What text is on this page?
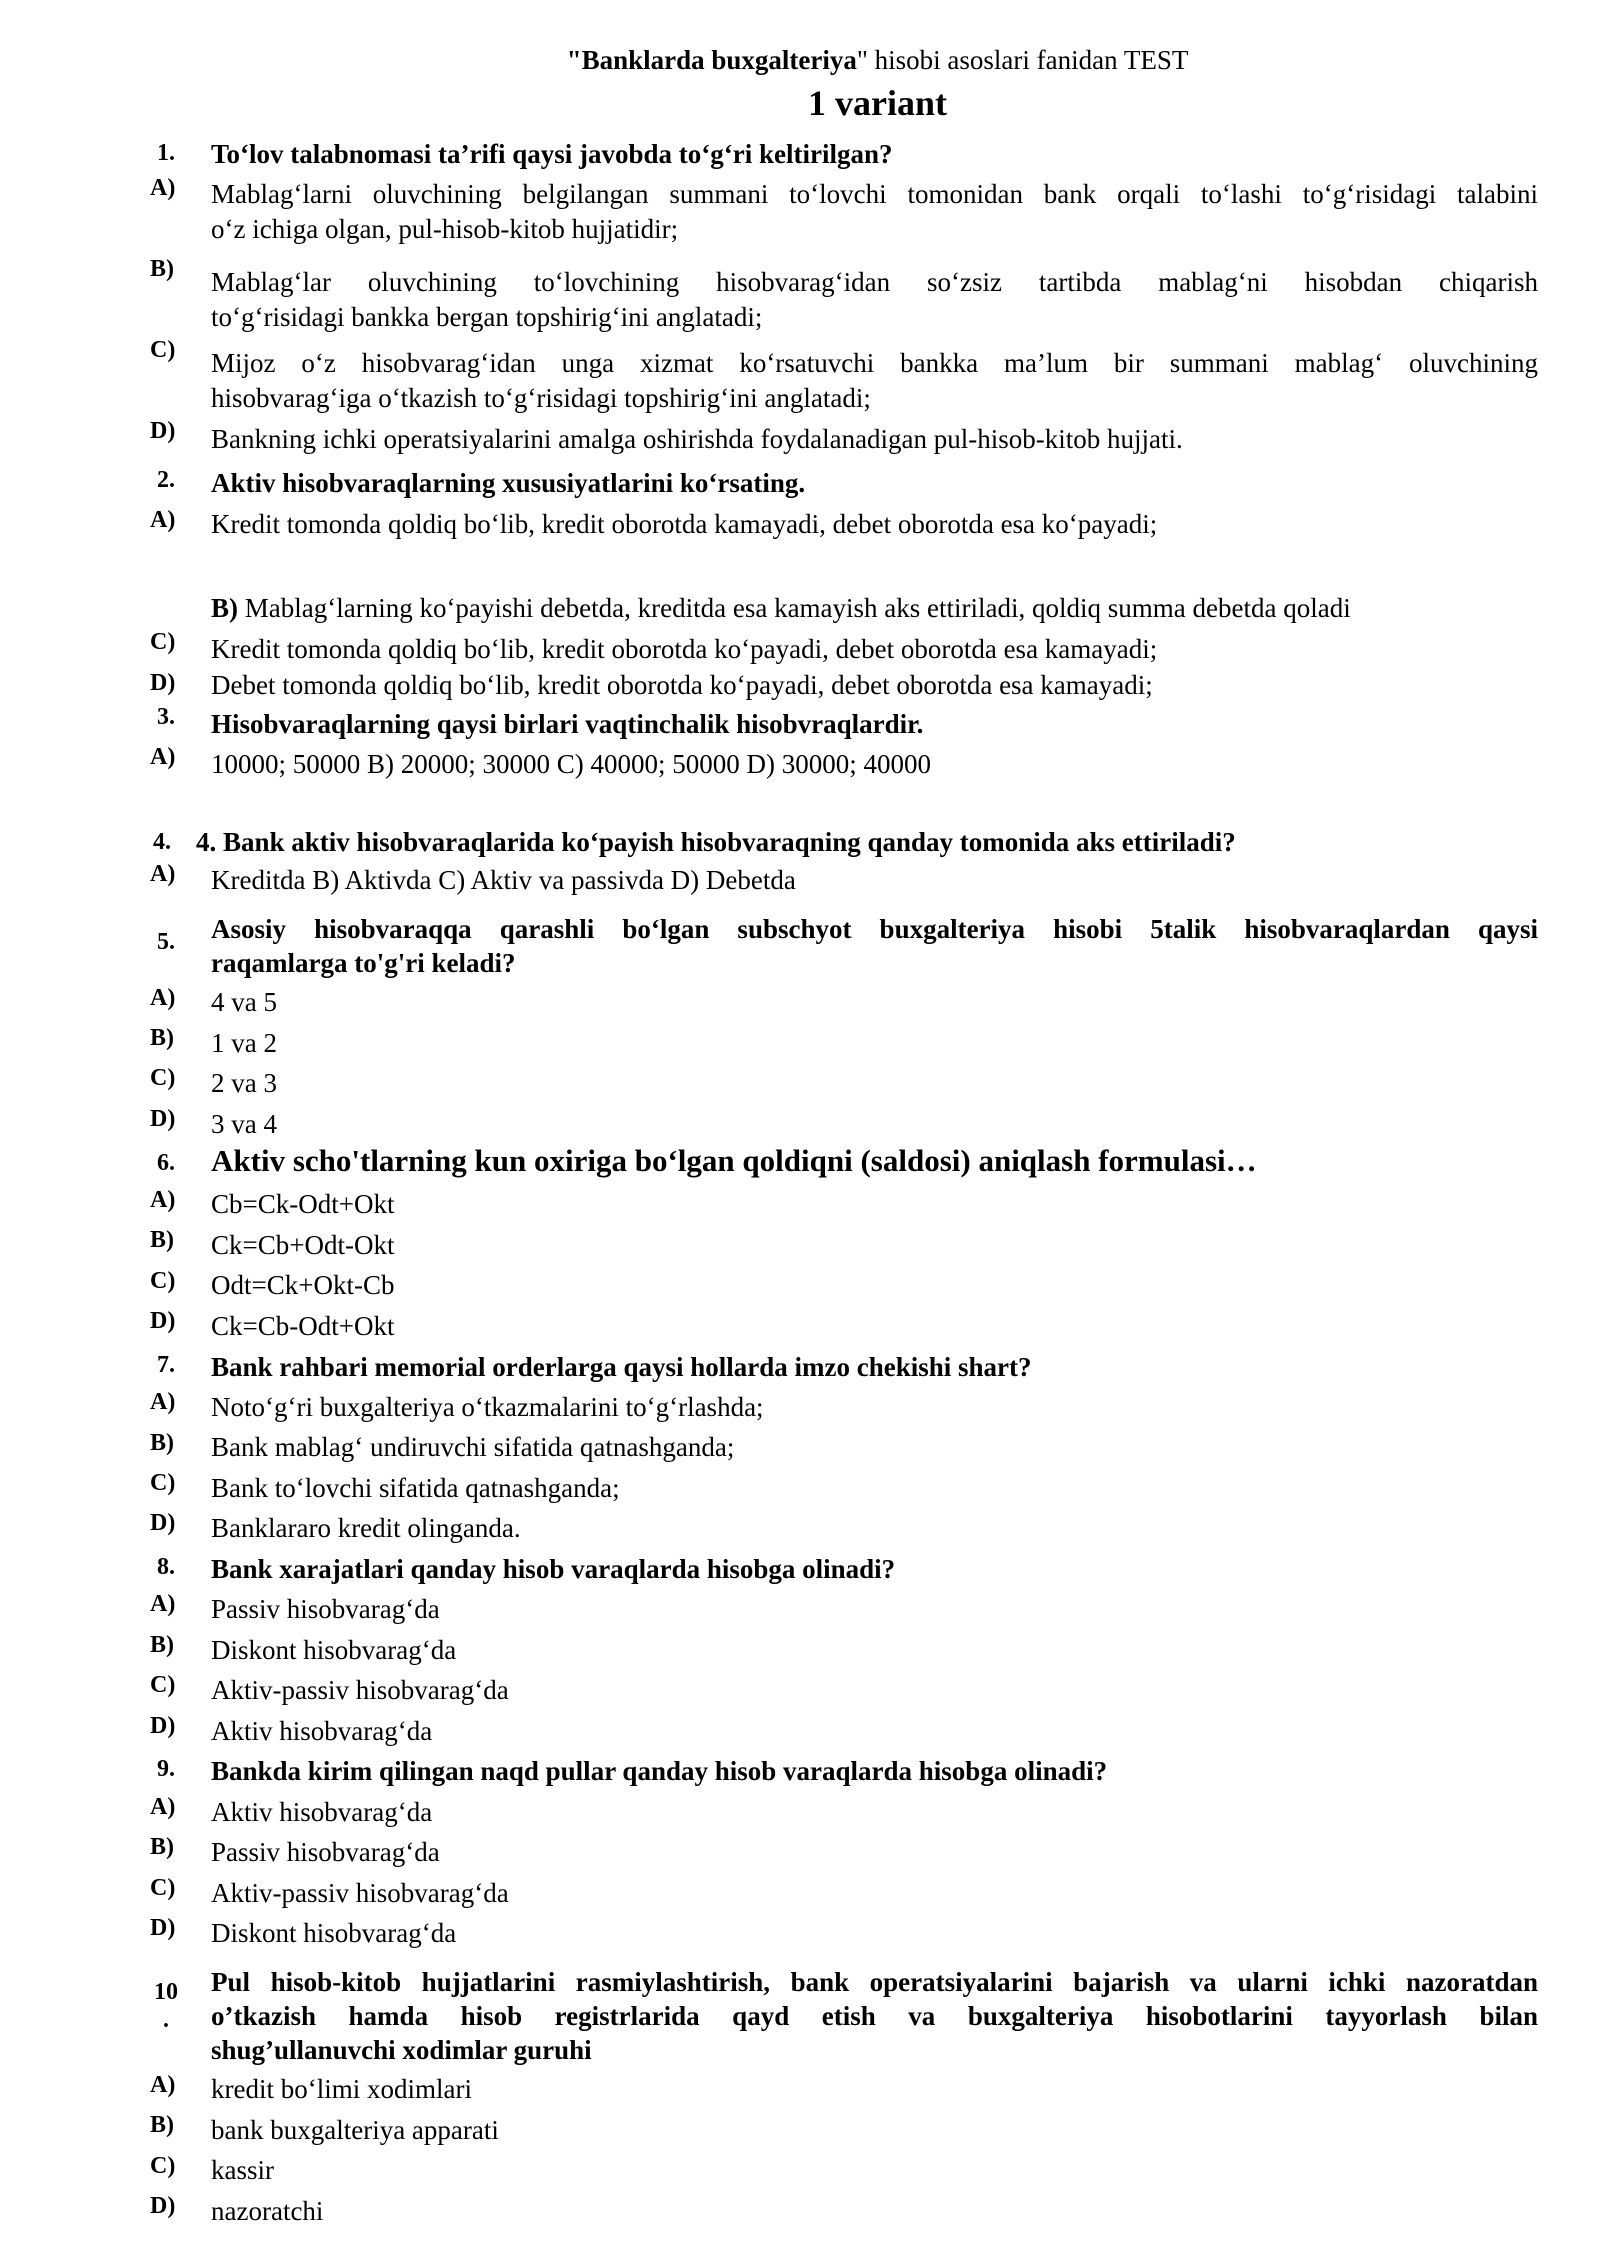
"Banklarda buxgalteriya" hisobi asoslari fanidan TEST
1 variant
1. To‘lov talabnomasi ta’rifi qaysi javobda to‘g‘ri keltirilgan?
A) Mablag‘larni oluvchining belgilangan summani to‘lovchi tomonidan bank orqali to‘lashi to‘g‘risidagi talabini
o‘z ichiga olgan, pul-hisob-kitob hujjatidir;
B) Mablag‘lar oluvchining to‘lovchining hisobvarag‘idan so‘zsiz tartibda mablag‘ni hisobdan chiqarish
to‘g‘risidagi bankka bergan topshirig‘ini anglatadi;
C) Mijoz o‘z hisobvarag‘idan unga xizmat ko‘rsatuvchi bankka ma’lum bir summani mablag‘ oluvchining
hisobvarag‘iga o‘tkazish to‘g‘risidagi topshirig‘ini anglatadi;
D) Bankning ichki operatsiyalarini amalga oshirishda foydalanadigan pul-hisob-kitob hujjati.
2. Aktiv hisobvaraqlarning xususiyatlarini ko‘rsating.
A) Kredit tomonda qoldiq bo‘lib, kredit oborotda kamayadi, debet oborotda esa ko‘payadi;
B) Mablag‘larning ko‘payishi debetda, kreditda esa kamayish aks ettiriladi, qoldiq summa debetda qoladi
C) Kredit tomonda qoldiq bo‘lib, kredit oborotda ko‘payadi, debet oborotda esa kamayadi;
D) Debet tomonda qoldiq bo‘lib, kredit oborotda ko‘payadi, debet oborotda esa kamayadi;
3. Hisobvaraqlarning qaysi birlari vaqtinchalik hisobvraqlardir.
A) 10000; 50000 B) 20000; 30000 C) 40000; 50000 D) 30000; 40000
4. 4. Bank aktiv hisobvaraqlarida ko‘payish hisobvaraqning qanday tomonida aks ettiriladi?
A) Kreditda B) Aktivda C) Aktiv va passivda D) Debetda
5. Asosiy hisobvaraqqa qarashli bo‘lgan subschyot buxgalteriya hisobi 5talik hisobvaraqlardan qaysi
raqamlarga to'g'ri keladi?
A) 4 va 5
B) 1 va 2
C) 2 va 3
D) 3 va 4
6. Aktiv scho'tlarning kun oxiriga bo‘lgan qoldiqni (saldosi) aniqlash formulasi…
A) Cb=Ck-Odt+Okt
B) Ck=Cb+Odt-Okt
C) Odt=Ck+Okt-Cb
D) Ck=Cb-Odt+Okt
7. Bank rahbari memorial orderlarga qaysi hollarda imzo chekishi shart?
A) Noto‘g‘ri buxgalteriya o‘tkazmalarini to‘g‘rlashda;
B) Bank mablag‘ undiruvchi sifatida qatnashganda;
C) Bank to‘lovchi sifatida qatnashganda;
D) Banklararo kredit olinganda.
8. Bank xarajatlari qanday hisob varaqlarda hisobga olinadi?
A) Passiv hisobvarag‘da
B) Diskont hisobvarag‘da
C) Aktiv-passiv hisobvarag‘da
D) Aktiv hisobvarag‘da
9. Bankda kirim qilingan naqd pullar qanday hisob varaqlarda hisobga olinadi?
A) Aktiv hisobvarag‘da
B) Passiv hisobvarag‘da
C) Aktiv-passiv hisobvarag‘da
D) Diskont hisobvarag‘da
10
.
Pul hisob-kitob hujjatlarini rasmiylashtirish, bank operatsiyalarini bajarish va ularni ichki nazoratdan
o’tkazish hamda hisob registrlarida qayd etish va buxgalteriya hisobotlarini tayyorlash bilan
shug’ullanuvchi xodimlar guruhi
A) kredit bo‘limi xodimlari
B) bank buxgalteriya apparati
C) kassir
D) nazoratchi
